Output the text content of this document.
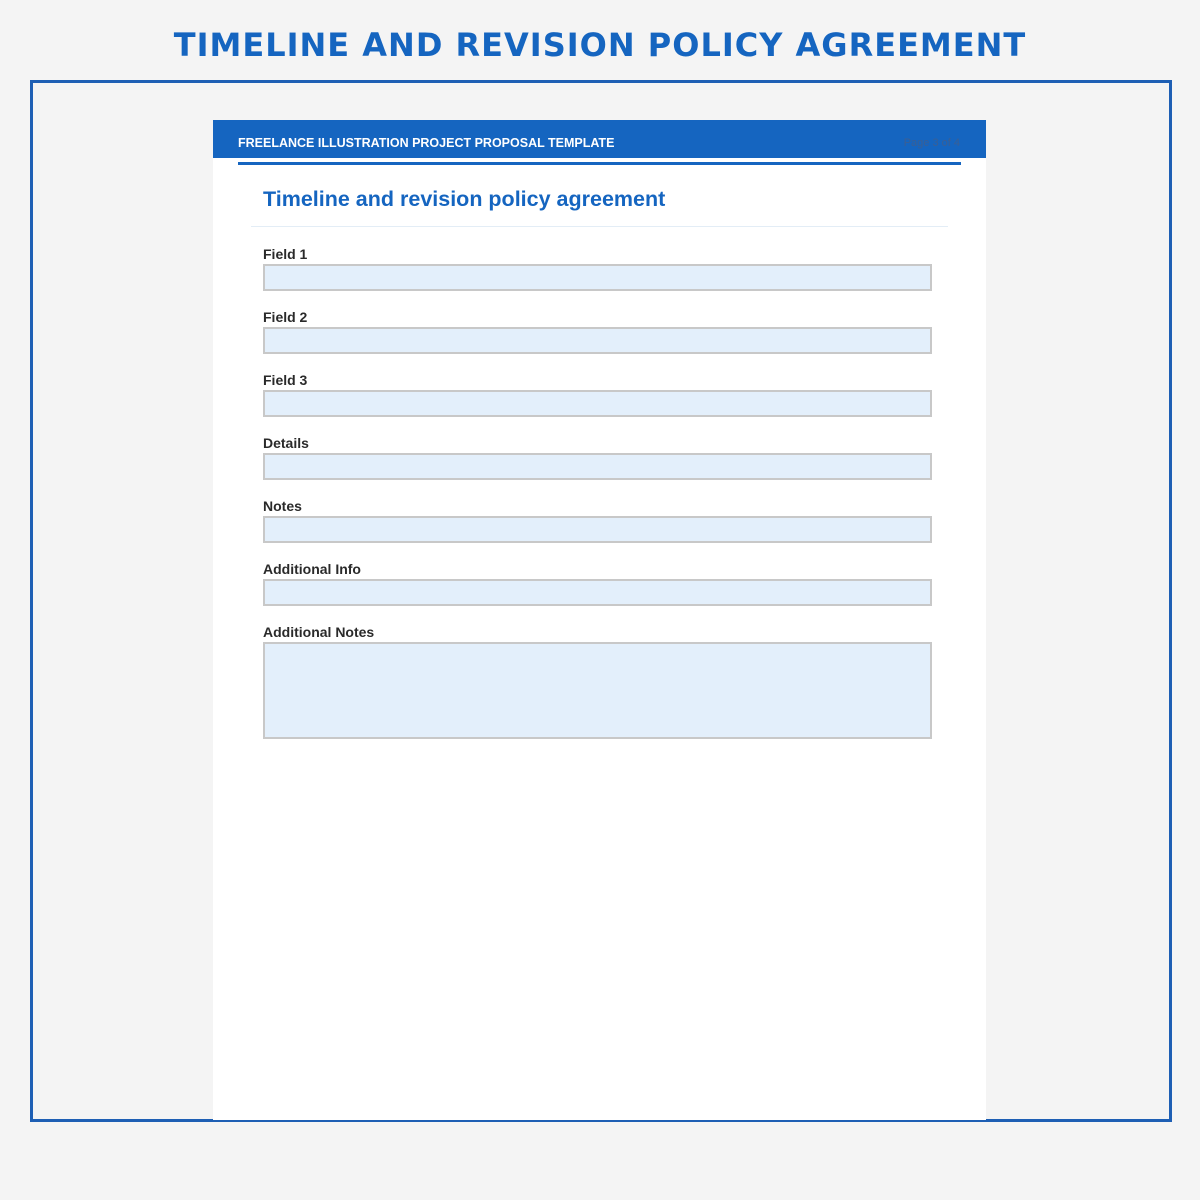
TIMELINE AND REVISION POLICY AGREEMENT
FREELANCE ILLUSTRATION PROJECT PROPOSAL TEMPLATE	Page 3 of 4
Timeline and revision policy agreement
Field 1
Field 2
Field 3
Details
Notes
Additional Info
Additional Notes
